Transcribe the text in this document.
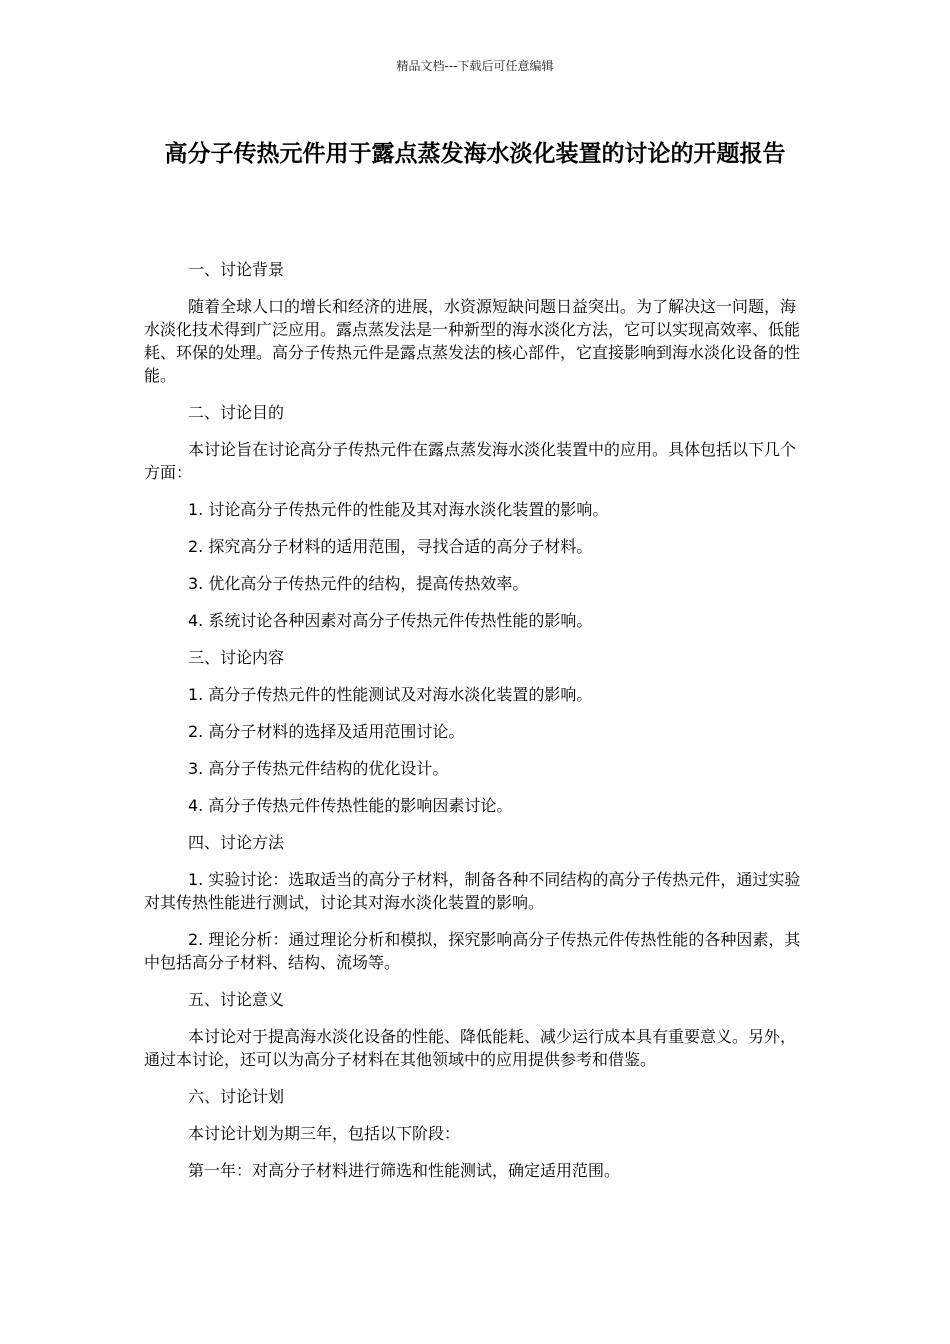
精品文档---下载后可任意编辑
高分子传热元件用于露点蒸发海水淡化装置的讨论的开题报告

一、讨论背景

随着全球人口的增长和经济的进展，水资源短缺问题日益突出。为了解决这一问题，海水淡化技术得到广泛应用。露点蒸发法是一种新型的海水淡化方法，它可以实现高效率、低能耗、环保的处理。高分子传热元件是露点蒸发法的核心部件，它直接影响到海水淡化设备的性能。

二、讨论目的

本讨论旨在讨论高分子传热元件在露点蒸发海水淡化装置中的应用。具体包括以下几个方面：

1. 讨论高分子传热元件的性能及其对海水淡化装置的影响。

2. 探究高分子材料的适用范围，寻找合适的高分子材料。

3. 优化高分子传热元件的结构，提高传热效率。

4. 系统讨论各种因素对高分子传热元件传热性能的影响。

三、讨论内容

1. 高分子传热元件的性能测试及对海水淡化装置的影响。

2. 高分子材料的选择及适用范围讨论。

3. 高分子传热元件结构的优化设计。

4. 高分子传热元件传热性能的影响因素讨论。

四、讨论方法

1. 实验讨论：选取适当的高分子材料，制备各种不同结构的高分子传热元件，通过实验对其传热性能进行测试，讨论其对海水淡化装置的影响。

2. 理论分析：通过理论分析和模拟，探究影响高分子传热元件传热性能的各种因素，其中包括高分子材料、结构、流场等。

五、讨论意义

本讨论对于提高海水淡化设备的性能、降低能耗、减少运行成本具有重要意义。另外，通过本讨论，还可以为高分子材料在其他领域中的应用提供参考和借鉴。

六、讨论计划

本讨论计划为期三年，包括以下阶段：

第一年：对高分子材料进行筛选和性能测试，确定适用范围。
